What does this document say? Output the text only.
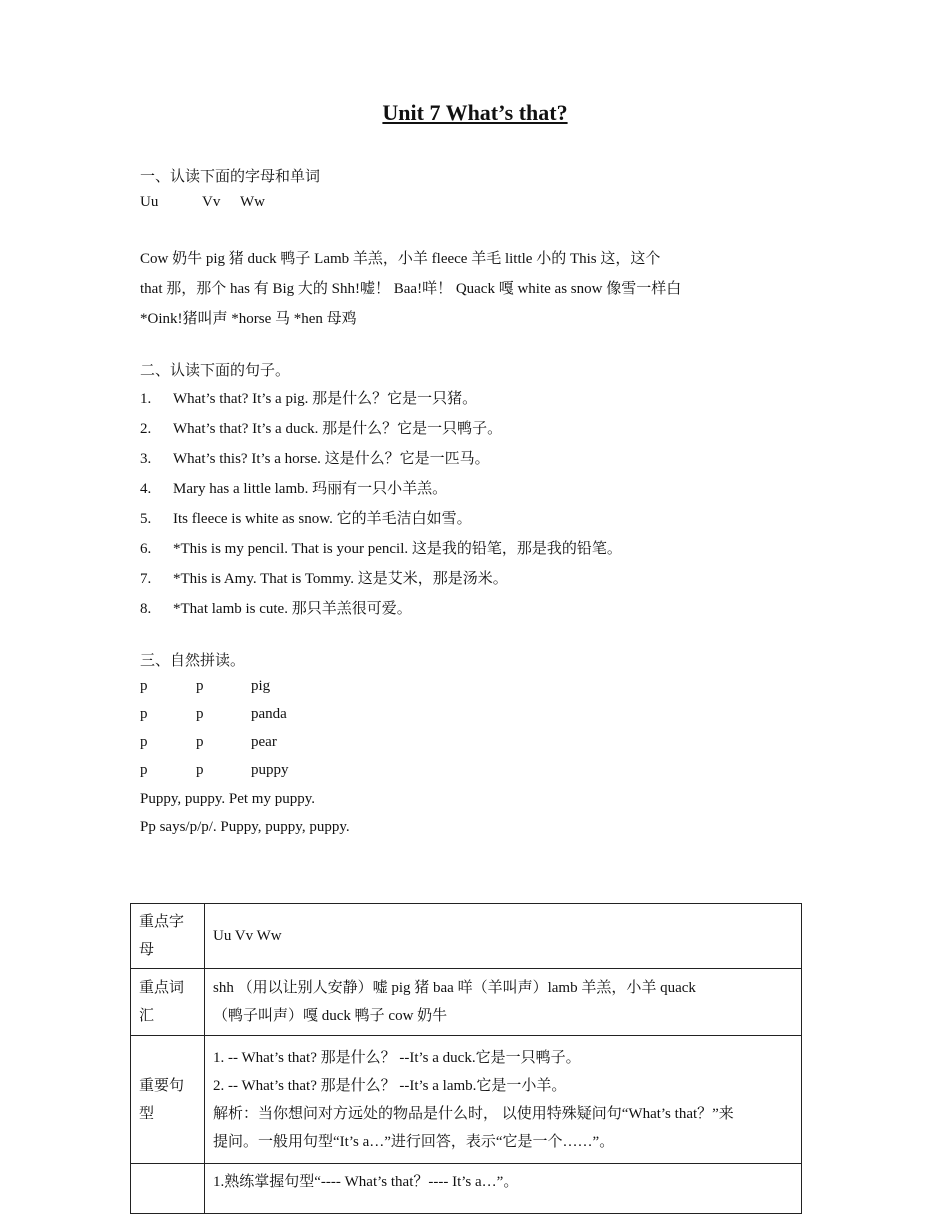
Unit 7 What’s that?
一、认读下面的字母和单词
Uu	Vv Ww
Cow 奶牛 pig 猪 duck 鸭子 Lamb 羊羔，小羊 fleece 羊毛 little 小的 This 这，这个
that 那，那个 has 有 Big 大的 Shh!嘘！ Baa!咩！ Quack 嘎 white as snow 像雪一样白
*Oink!猪叫声 *horse 马 *hen 母鸡
二、认读下面的句子。
1. What’s that? It’s a pig. 那是什么？它是一只猪。
2. What’s that? It’s a duck. 那是什么？它是一只鸭子。
3. What’s this? It’s a horse. 这是什么？它是一匹马。
4. Mary has a little lamb. 玛丽有一只小羊羔。
5. Its fleece is white as snow. 它的羊毛洁白如雪。
6. *This is my pencil. That is your pencil. 这是我的铅笔，那是我的铅笔。
7. *This is Amy. That is Tommy. 这是艾米，那是汤米。
8. *That lamb is cute. 那只羊羔很可爱。
三、自然拼读。
p	p	pig
p	p	panda
p	p	pear
p	p	puppy
Puppy, puppy. Pet my puppy.
Pp says/p/p/. Puppy, puppy, puppy.
重点字母	Uu Vv Ww

重点词汇	shh （用以让别人安静）嘘 pig 猪 baa 咩（羊叫声）lamb 羊羔，小羊 quack
（鸭子叫声）嘎 duck 鸭子 cow 奶牛

重要句型	1. -- What’s that? 那是什么？ --It’s a duck.它是一只鸭子。
2. -- What’s that? 那是什么？ --It’s a lamb.它是一小羊。
解析：当你想问对方远处的物品是什么时， 以使用特殊疑问句“What’s that？”来
提问。一般用句型“It’s a…”进行回答，表示“它是一个……”。

	1.熟练掌握句型“---- What’s that？---- It’s a…”。
